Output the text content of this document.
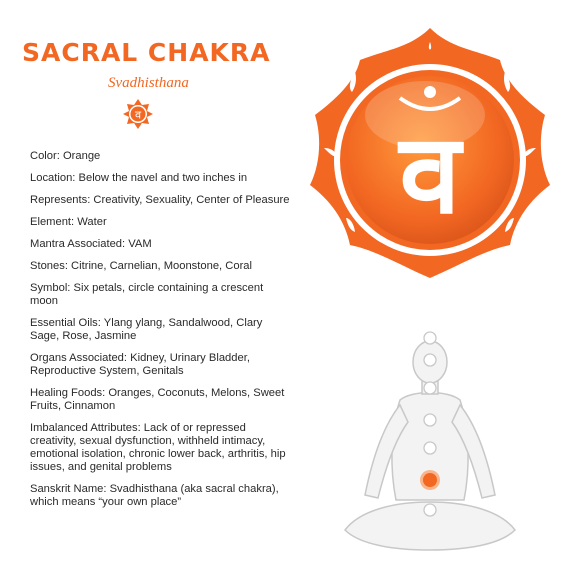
SACRAL CHAKRA
Svadhisthana
व

Color: Orange

Location: Below the navel and two inches in

Represents: Creativity, Sexuality, Center of Pleasure

Element: Water

Mantra Associated: VAM

Stones: Citrine, Carnelian, Moonstone, Coral

Symbol: Six petals, circle containing a crescent moon

Essential Oils: Ylang ylang, Sandalwood, Clary Sage, Rose, Jasmine

Organs Associated: Kidney, Urinary Bladder, Reproductive System, Genitals

Healing Foods: Oranges, Coconuts, Melons, Sweet Fruits, Cinnamon

Imbalanced Attributes: Lack of or repressed creativity, sexual dysfunction, withheld intimacy, emotional isolation, chronic lower back, arthritis, hip issues, and genital problems

Sanskrit Name: Svadhisthana (aka sacral chakra), which means “your own place”

व
